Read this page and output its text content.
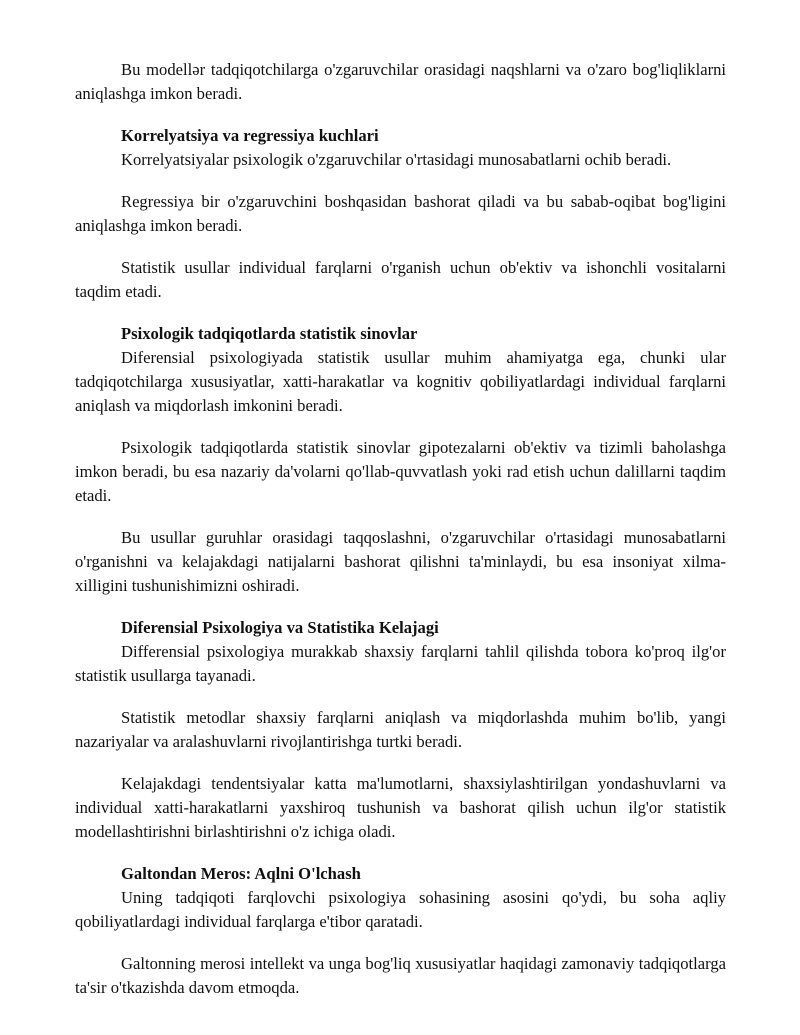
Bu modellər tadqiqotchilarga o'zgaruvchilar orasidagi naqshlarni va o'zaro bog'liqliklarni aniqlashga imkon beradi.

Korrelyatsiya va regressiya kuchlari

Korrelyatsiyalar psixologik o'zgaruvchilar o'rtasidagi munosabatlarni ochib beradi.

Regressiya bir o'zgaruvchini boshqasidan bashorat qiladi va bu sabab-oqibat bog'ligini aniqlashga imkon beradi.

Statistik usullar individual farqlarni o'rganish uchun ob'ektiv va ishonchli vositalarni taqdim etadi.

Psixologik tadqiqotlarda statistik sinovlar

Diferensial psixologiyada statistik usullar muhim ahamiyatga ega, chunki ular tadqiqotchilarga xususiyatlar, xatti-harakatlar va kognitiv qobiliyatlardagi individual farqlarni aniqlash va miqdorlash imkonini beradi.

Psixologik tadqiqotlarda statistik sinovlar gipotezalarni ob'ektiv va tizimli baholashga imkon beradi, bu esa nazariy da'volarni qo'llab-quvvatlash yoki rad etish uchun dalillarni taqdim etadi.

Bu usullar guruhlar orasidagi taqqoslashni, o'zgaruvchilar o'rtasidagi munosabatlarni o'rganishni va kelajakdagi natijalarni bashorat qilishni ta'minlaydi, bu esa insoniyat xilma-xilligini tushunishimizni oshiradi.

Diferensial Psixologiya va Statistika Kelajagi

Differensial psixologiya murakkab shaxsiy farqlarni tahlil qilishda tobora ko'proq ilg'or statistik usullarga tayanadi.

Statistik metodlar shaxsiy farqlarni aniqlash va miqdorlashda muhim bo'lib, yangi nazariyalar va aralashuvlarni rivojlantirishga turtki beradi.

Kelajakdagi tendentsiyalar katta ma'lumotlarni, shaxsiylashtirilgan yondashuvlarni va individual xatti-harakatlarni yaxshiroq tushunish va bashorat qilish uchun ilg'or statistik modellashtirishni birlashtirishni o'z ichiga oladi.

Galtondan Meros: Aqlni O'lchash

Uning tadqiqoti farqlovchi psixologiya sohasining asosini qo'ydi, bu soha aqliy qobiliyatlardagi individual farqlarga e'tibor qaratadi.

Galtonning merosi intellekt va unga bog'liq xususiyatlar haqidagi zamonaviy tadqiqotlarga ta'sir o'tkazishda davom etmoqda.
